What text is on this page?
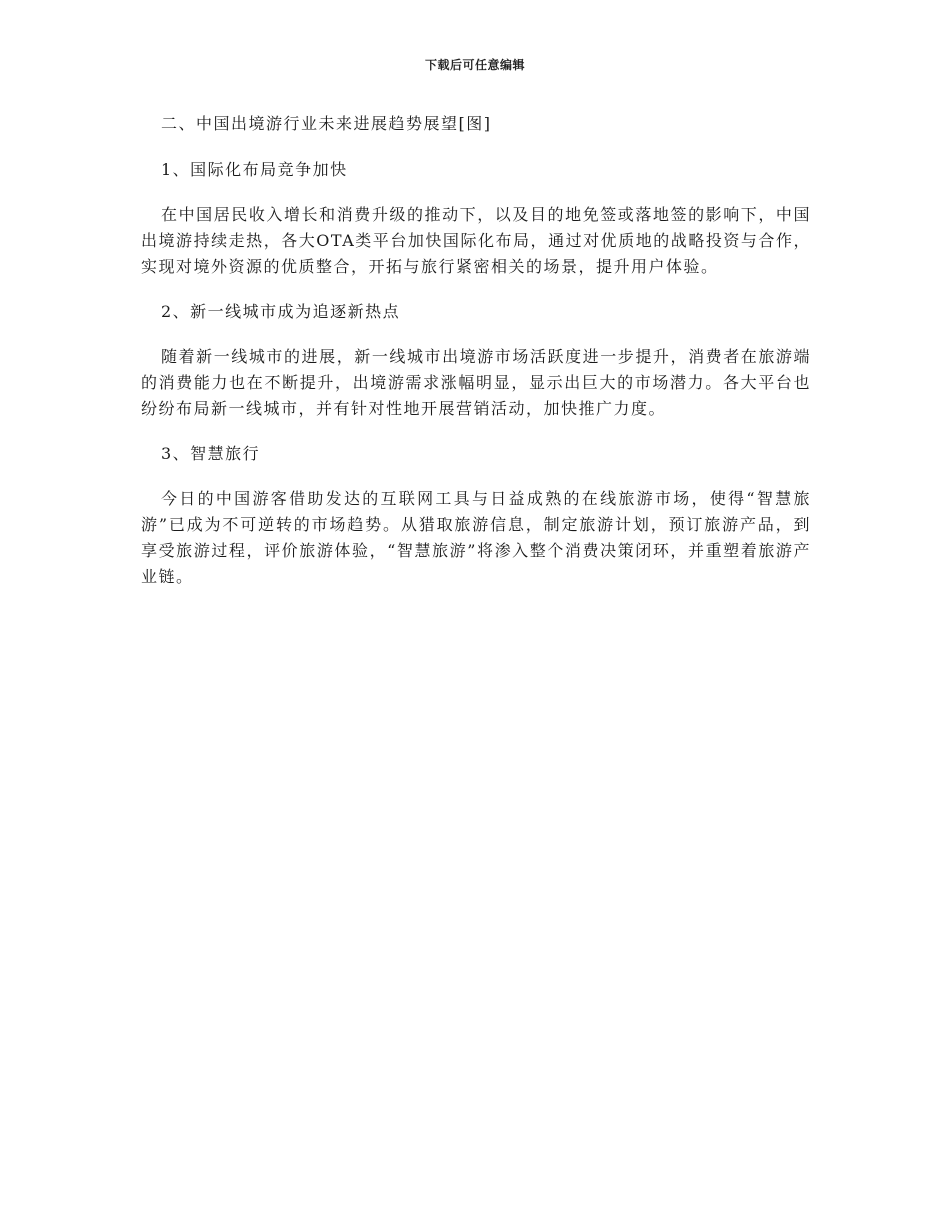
下载后可任意编辑
二、中国出境游行业未来进展趋势展望[图]
1、国际化布局竞争加快

在中国居民收入增长和消费升级的推动下，以及目的地免签或落地签的影响下，中国出境游持续走热，各大OTA类平台加快国际化布局，通过对优质地的战略投资与合作，实现对境外资源的优质整合，开拓与旅行紧密相关的场景，提升用户体验。

2、新一线城市成为追逐新热点

随着新一线城市的进展，新一线城市出境游市场活跃度进一步提升，消费者在旅游端的消费能力也在不断提升，出境游需求涨幅明显，显示出巨大的市场潜力。各大平台也纷纷布局新一线城市，并有针对性地开展营销活动，加快推广力度。

3、智慧旅行

今日的中国游客借助发达的互联网工具与日益成熟的在线旅游市场，使得“智慧旅游”已成为不可逆转的市场趋势。从猎取旅游信息，制定旅游计划，预订旅游产品，到享受旅游过程，评价旅游体验，“智慧旅游”将渗入整个消费决策闭环，并重塑着旅游产业链。
